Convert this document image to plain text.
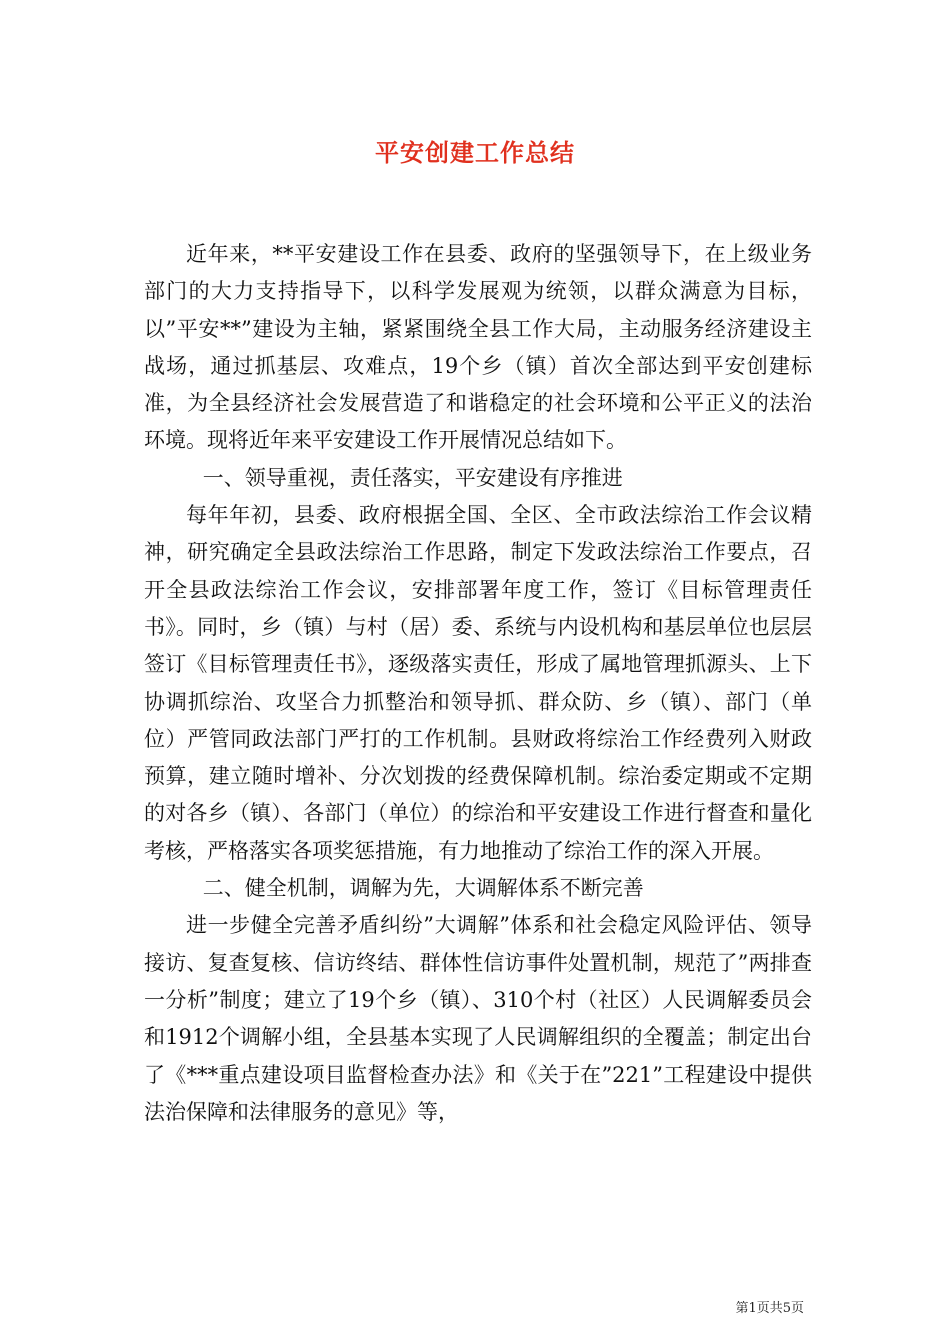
平安创建工作总结

近年来，**平安建设工作在县委、政府的坚强领导下，在上级业务部门的大力支持指导下，以科学发展观为统领，以群众满意为目标，以”平安**”建设为主轴，紧紧围绕全县工作大局，主动服务经济建设主战场，通过抓基层、攻难点，19个乡（镇）首次全部达到平安创建标准，为全县经济社会发展营造了和谐稳定的社会环境和公平正义的法治环境。现将近年来平安建设工作开展情况总结如下。

一、领导重视，责任落实，平安建设有序推进

每年年初，县委、政府根据全国、全区、全市政法综治工作会议精神，研究确定全县政法综治工作思路，制定下发政法综治工作要点，召开全县政法综治工作会议，安排部署年度工作，签订《目标管理责任书》。同时，乡（镇）与村（居）委、系统与内设机构和基层单位也层层签订《目标管理责任书》，逐级落实责任，形成了属地管理抓源头、上下协调抓综治、攻坚合力抓整治和领导抓、群众防、乡（镇）、部门（单位）严管同政法部门严打的工作机制。县财政将综治工作经费列入财政预算，建立随时增补、分次划拨的经费保障机制。综治委定期或不定期的对各乡（镇）、各部门（单位）的综治和平安建设工作进行督查和量化考核，严格落实各项奖惩措施，有力地推动了综治工作的深入开展。

二、健全机制，调解为先，大调解体系不断完善

进一步健全完善矛盾纠纷”大调解”体系和社会稳定风险评估、领导接访、复查复核、信访终结、群体性信访事件处置机制，规范了”两排查一分析”制度；建立了19个乡（镇）、310个村（社区）人民调解委员会和1912个调解小组，全县基本实现了人民调解组织的全覆盖；制定出台了《***重点建设项目监督检查办法》和《关于在”221”工程建设中提供法治保障和法律服务的意见》等，

第1页共5页
